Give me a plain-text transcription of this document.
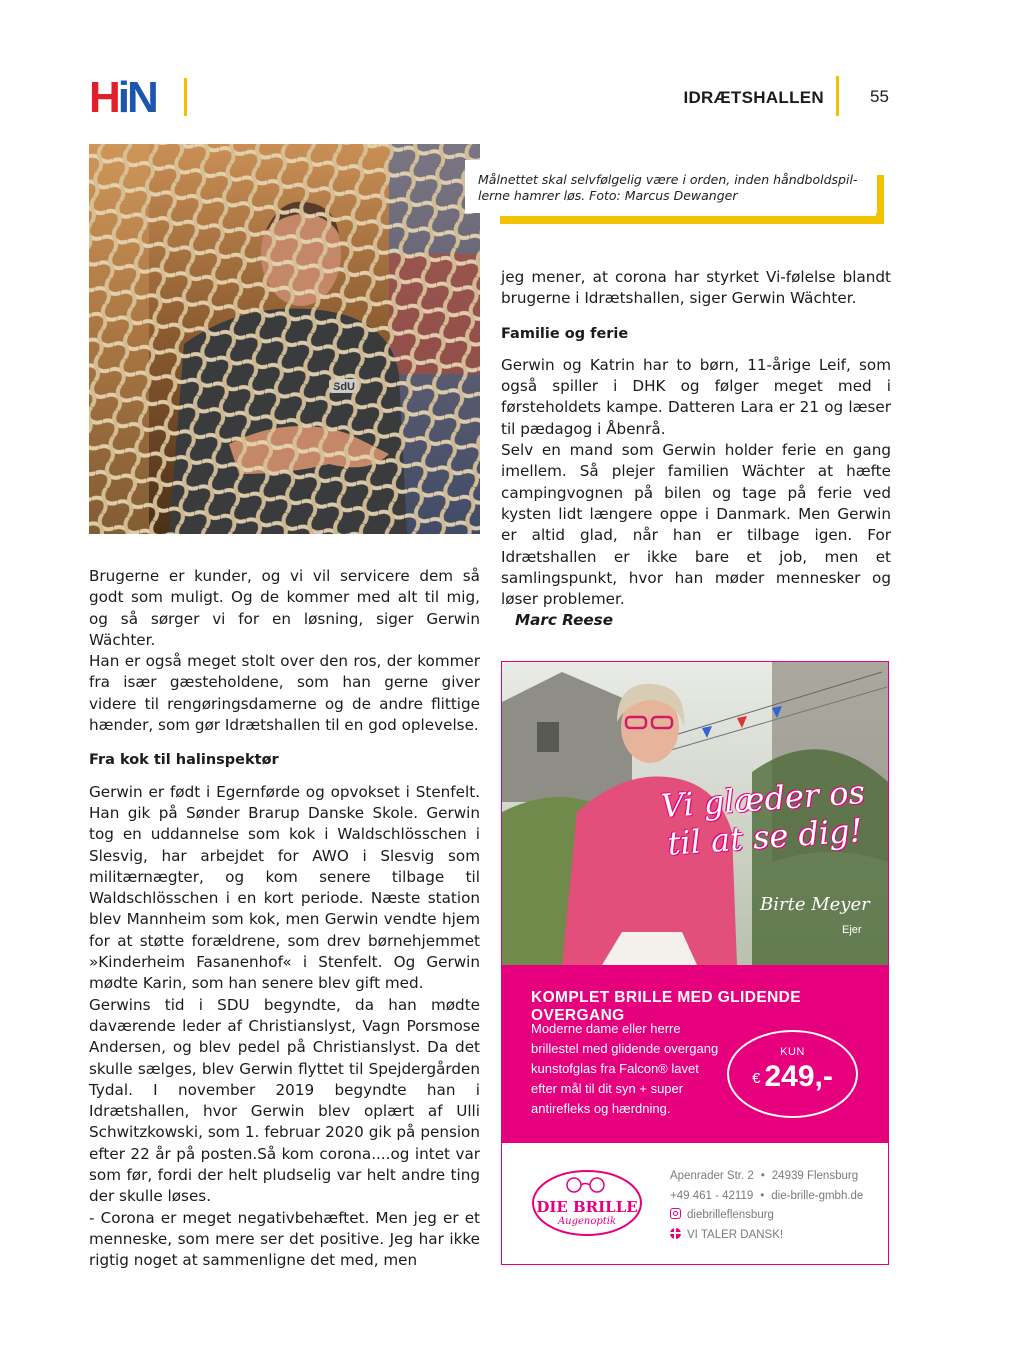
HiN	IDRÆTSHALLEN	55
Målnettet skal selvfølgelig være i orden, inden håndboldspil-lerne hamrer løs. Foto: Marcus Dewanger

Brugerne er kunder, og vi vil servicere dem så godt som muligt. Og de kommer med alt til mig, og så sørger vi for en løsning, siger Gerwin Wächter.

Han er også meget stolt over den ros, der kommer fra især gæsteholdene, som han gerne giver videre til rengøringsdamerne og de andre flittige hænder, som gør Idrætshallen til en god oplevelse.

Fra kok til halinspektør

Gerwin er født i Egernførde og opvokset i Stenfelt. Han gik på Sønder Brarup Danske Skole. Gerwin tog en uddannelse som kok i Waldschlösschen i Slesvig, har arbejdet for AWO i Slesvig som militærnægter, og kom senere tilbage til Waldschlösschen i en kort periode. Næste station blev Mannheim som kok, men Gerwin vendte hjem for at støtte forældrene, som drev børnehjemmet »Kinderheim Fasanenhof« i Stenfelt. Og Gerwin mødte Karin, som han senere blev gift med.

Gerwins tid i SDU begyndte, da han mødte daværende leder af Christianslyst, Vagn Porsmose Andersen, og blev pedel på Christianslyst. Da det skulle sælges, blev Gerwin flyttet til Spejdergården Tydal. I november 2019 begyndte han i Idrætshallen, hvor Gerwin blev oplært af Ulli Schwitzkowski, som 1. februar 2020 gik på pension efter 22 år på posten.Så kom corona....og intet var som før, fordi der helt pludselig var helt andre ting der skulle løses.

- Corona er meget negativbehæftet. Men jeg er et menneske, som mere ser det positive. Jeg har ikke rigtig noget at sammenligne det med, men

jeg mener, at corona har styrket Vi-følelse blandt brugerne i Idrætshallen, siger Gerwin Wächter.

Familie og ferie

Gerwin og Katrin har to børn, 11-årige Leif, som også spiller i DHK og følger meget med i førsteholdets kampe. Datteren Lara er 21 og læser til pædagog i Åbenrå.

Selv en mand som Gerwin holder ferie en gang imellem. Så plejer familien Wächter at hæfte campingvognen på bilen og tage på ferie ved kysten lidt længere oppe i Danmark. Men Gerwin er altid glad, når han er tilbage igen. For Idrætshallen er ikke bare et job, men et samlingspunkt, hvor han møder mennesker og løser problemer.

Marc Reese

Vi glæder os
til at se dig!
Birte Meyer
Ejer
KOMPLET BRILLE MED GLIDENDE OVERGANG
Moderne dame eller herre brillestel med glidende overgang kunstofglas fra Falcon® lavet efter mål til dit syn + super antirefleks og hærdning.
KUN
€ 249,-
DIE BRILLE
Augenoptik
Apenrader Str. 2 • 24939 Flensburg
+49 461 - 42119 • die-brille-gmbh.de
diebrilleflensburg
VI TALER DANSK!
